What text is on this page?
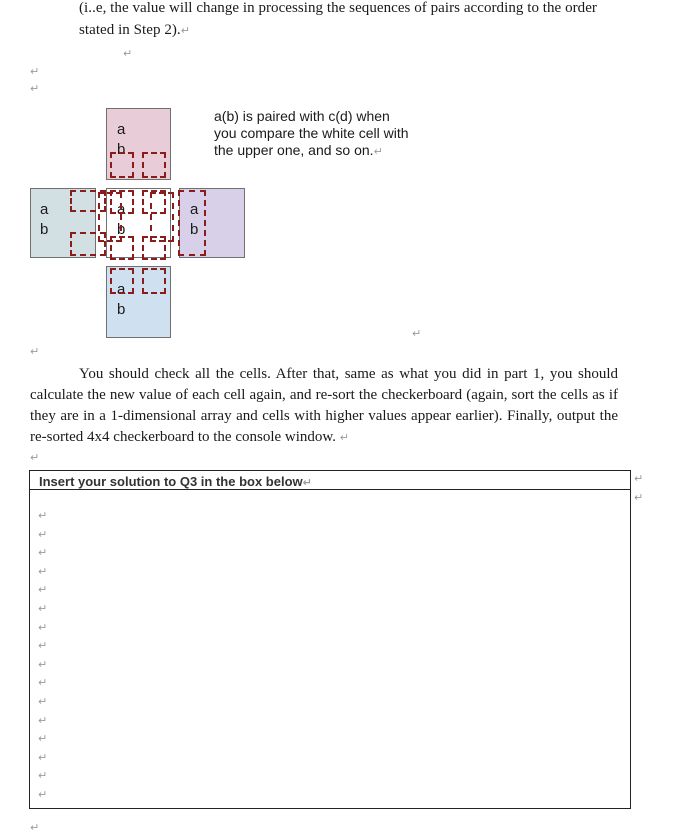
(i..e, the value will change in processing the sequences of pairs according to the order stated in Step 2).↵
↵
↵
↵
a
b
a
b
a
b
a
b
a
b
a(b) is paired with c(d) when you compare the white cell with the upper one, and so on.↵
↵
↵
You should check all the cells. After that, same as what you did in part 1, you should calculate the new value of each cell again, and re-sort the checkerboard (again, sort the cells as if they are in a 1-dimensional array and cells with higher values appear earlier). Finally, output the re-sorted 4x4 checkerboard to the console window. ↵
↵
Insert your solution to Q3 in the box below↵	↵
↵
↵
↵
↵
↵
↵
↵
↵
↵
↵
↵
↵
↵
↵
↵
↵
↵
↵
